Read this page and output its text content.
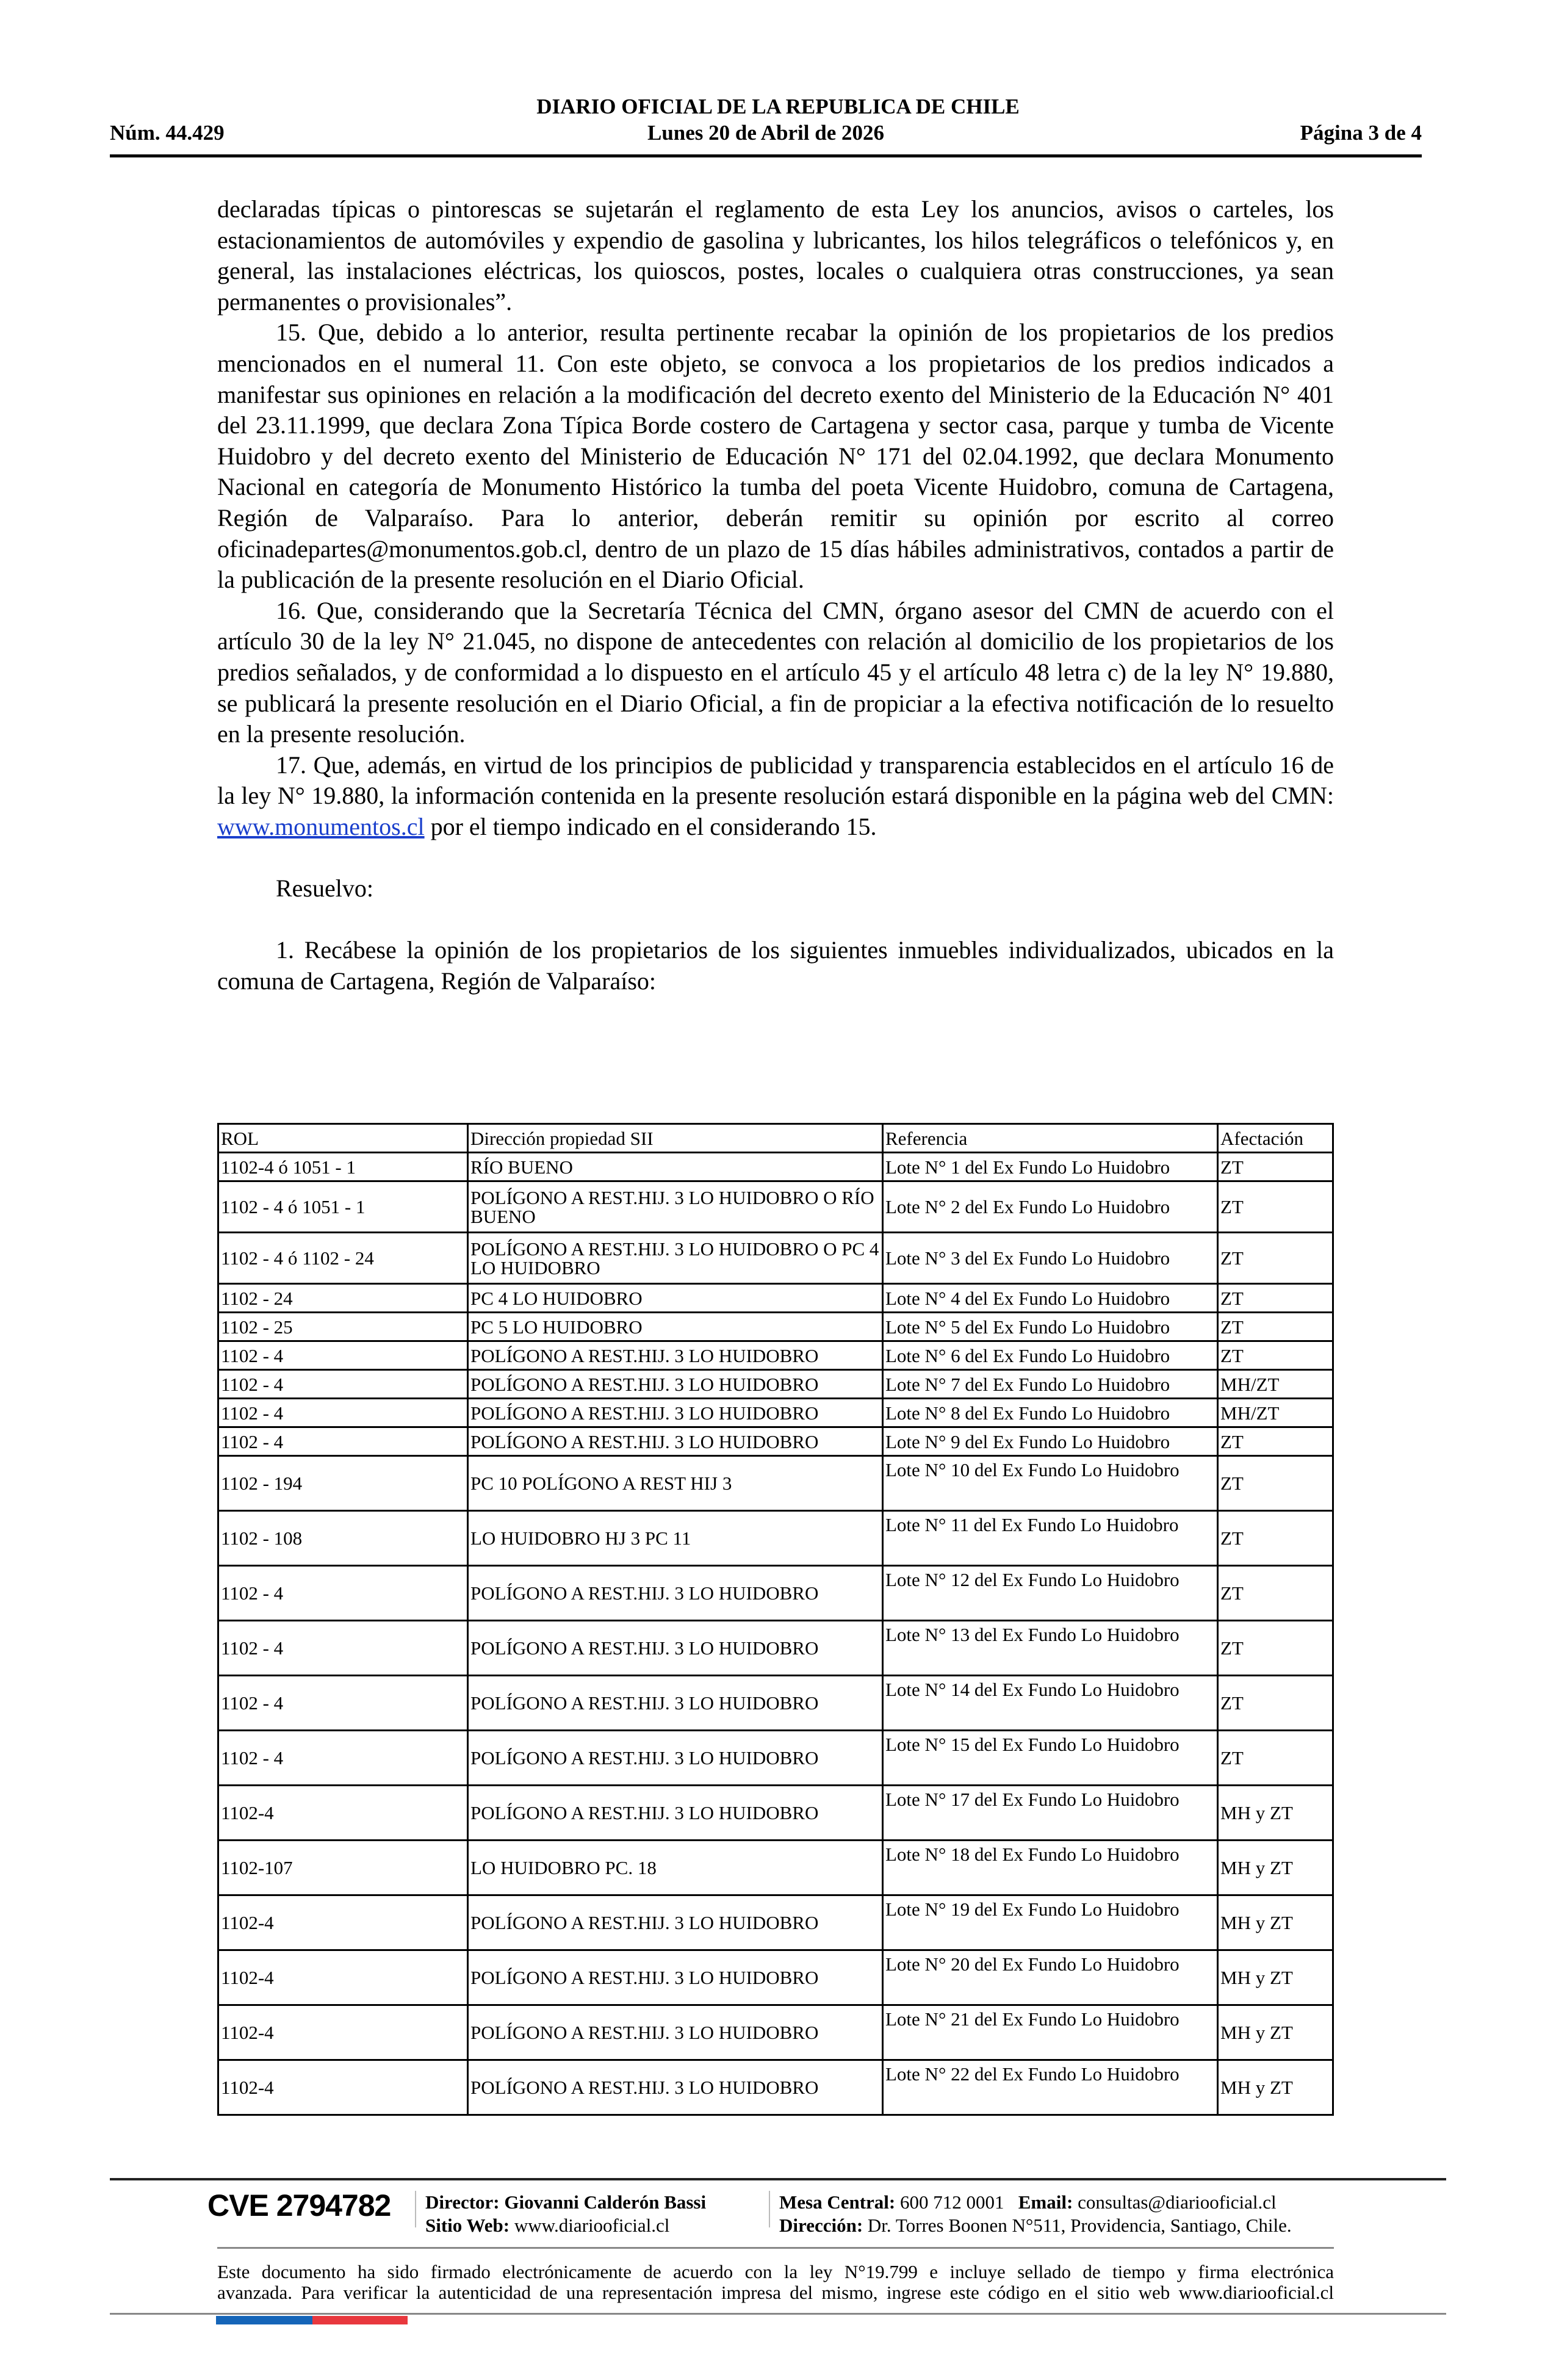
DIARIO OFICIAL DE LA REPUBLICA DE CHILE
Lunes 20 de Abril de 2026
Núm. 44.429	Página 3 de 4

declaradas típicas o pintorescas se sujetarán el reglamento de esta Ley los anuncios, avisos o carteles, los estacionamientos de automóviles y expendio de gasolina y lubricantes, los hilos telegráficos o telefónicos y, en general, las instalaciones eléctricas, los quioscos, postes, locales o cualquiera otras construcciones, ya sean permanentes o provisionales”.

15. Que, debido a lo anterior, resulta pertinente recabar la opinión de los propietarios de los predios mencionados en el numeral 11. Con este objeto, se convoca a los propietarios de los predios indicados a manifestar sus opiniones en relación a la modificación del decreto exento del Ministerio de la Educación N° 401 del 23.11.1999, que declara Zona Típica Borde costero de Cartagena y sector casa, parque y tumba de Vicente Huidobro y del decreto exento del Ministerio de Educación N° 171 del 02.04.1992, que declara Monumento Nacional en categoría de Monumento Histórico la tumba del poeta Vicente Huidobro, comuna de Cartagena, Región de Valparaíso. Para lo anterior, deberán remitir su opinión por escrito al correo oficinadepartes@monumentos.gob.cl, dentro de un plazo de 15 días hábiles administrativos, contados a partir de la publicación de la presente resolución en el Diario Oficial.

16. Que, considerando que la Secretaría Técnica del CMN, órgano asesor del CMN de acuerdo con el artículo 30 de la ley N° 21.045, no dispone de antecedentes con relación al domicilio de los propietarios de los predios señalados, y de conformidad a lo dispuesto en el artículo 45 y el artículo 48 letra c) de la ley N° 19.880, se publicará la presente resolución en el Diario Oficial, a fin de propiciar a la efectiva notificación de lo resuelto en la presente resolución.

17. Que, además, en virtud de los principios de publicidad y transparencia establecidos en el artículo 16 de la ley N° 19.880, la información contenida en la presente resolución estará disponible en la página web del CMN: www.monumentos.cl por el tiempo indicado en el considerando 15.

Resuelvo:

1. Recábese la opinión de los propietarios de los siguientes inmuebles individualizados, ubicados en la comuna de Cartagena, Región de Valparaíso:

ROL	Dirección propiedad SII	Referencia	Afectación
1102-4 ó 1051 - 1	RÍO BUENO	Lote N° 1 del Ex Fundo Lo Huidobro	ZT
1102 - 4 ó 1051 - 1	POLÍGONO A REST.HIJ. 3 LO HUIDOBRO O RÍO BUENO	Lote N° 2 del Ex Fundo Lo Huidobro	ZT
1102 - 4 ó 1102 - 24	POLÍGONO A REST.HIJ. 3 LO HUIDOBRO O PC 4 LO HUIDOBRO	Lote N° 3 del Ex Fundo Lo Huidobro	ZT
1102 - 24	PC 4 LO HUIDOBRO	Lote N° 4 del Ex Fundo Lo Huidobro	ZT
1102 - 25	PC 5 LO HUIDOBRO	Lote N° 5 del Ex Fundo Lo Huidobro	ZT
1102 - 4	POLÍGONO A REST.HIJ. 3 LO HUIDOBRO	Lote N° 6 del Ex Fundo Lo Huidobro	ZT
1102 - 4	POLÍGONO A REST.HIJ. 3 LO HUIDOBRO	Lote N° 7 del Ex Fundo Lo Huidobro	MH/ZT
1102 - 4	POLÍGONO A REST.HIJ. 3 LO HUIDOBRO	Lote N° 8 del Ex Fundo Lo Huidobro	MH/ZT
1102 - 4	POLÍGONO A REST.HIJ. 3 LO HUIDOBRO	Lote N° 9 del Ex Fundo Lo Huidobro	ZT
1102 - 194	PC 10 POLÍGONO A REST HIJ 3	Lote N° 10 del Ex Fundo Lo Huidobro	ZT
1102 - 108	LO HUIDOBRO HJ 3 PC 11	Lote N° 11 del Ex Fundo Lo Huidobro	ZT
1102 - 4	POLÍGONO A REST.HIJ. 3 LO HUIDOBRO	Lote N° 12 del Ex Fundo Lo Huidobro	ZT
1102 - 4	POLÍGONO A REST.HIJ. 3 LO HUIDOBRO	Lote N° 13 del Ex Fundo Lo Huidobro	ZT
1102 - 4	POLÍGONO A REST.HIJ. 3 LO HUIDOBRO	Lote N° 14 del Ex Fundo Lo Huidobro	ZT
1102 - 4	POLÍGONO A REST.HIJ. 3 LO HUIDOBRO	Lote N° 15 del Ex Fundo Lo Huidobro	ZT
1102-4	POLÍGONO A REST.HIJ. 3 LO HUIDOBRO	Lote N° 17 del Ex Fundo Lo Huidobro	MH y ZT
1102-107	LO HUIDOBRO PC. 18	Lote N° 18 del Ex Fundo Lo Huidobro	MH y ZT
1102-4	POLÍGONO A REST.HIJ. 3 LO HUIDOBRO	Lote N° 19 del Ex Fundo Lo Huidobro	MH y ZT
1102-4	POLÍGONO A REST.HIJ. 3 LO HUIDOBRO	Lote N° 20 del Ex Fundo Lo Huidobro	MH y ZT
1102-4	POLÍGONO A REST.HIJ. 3 LO HUIDOBRO	Lote N° 21 del Ex Fundo Lo Huidobro	MH y ZT
1102-4	POLÍGONO A REST.HIJ. 3 LO HUIDOBRO	Lote N° 22 del Ex Fundo Lo Huidobro	MH y ZT
CVE 2794782 Director: Giovanni Calderón Bassi
Sitio Web: www.diariooficial.cl
Mesa Central: 600 712 0001 Email: consultas@diariooficial.cl
Dirección: Dr. Torres Boonen N°511, Providencia, Santiago, Chile.
Este documento ha sido firmado electrónicamente de acuerdo con la ley N°19.799 e incluye sellado de tiempo y firma electrónica
avanzada. Para verificar la autenticidad de una representación impresa del mismo, ingrese este código en el sitio web www.diariooficial.cl
